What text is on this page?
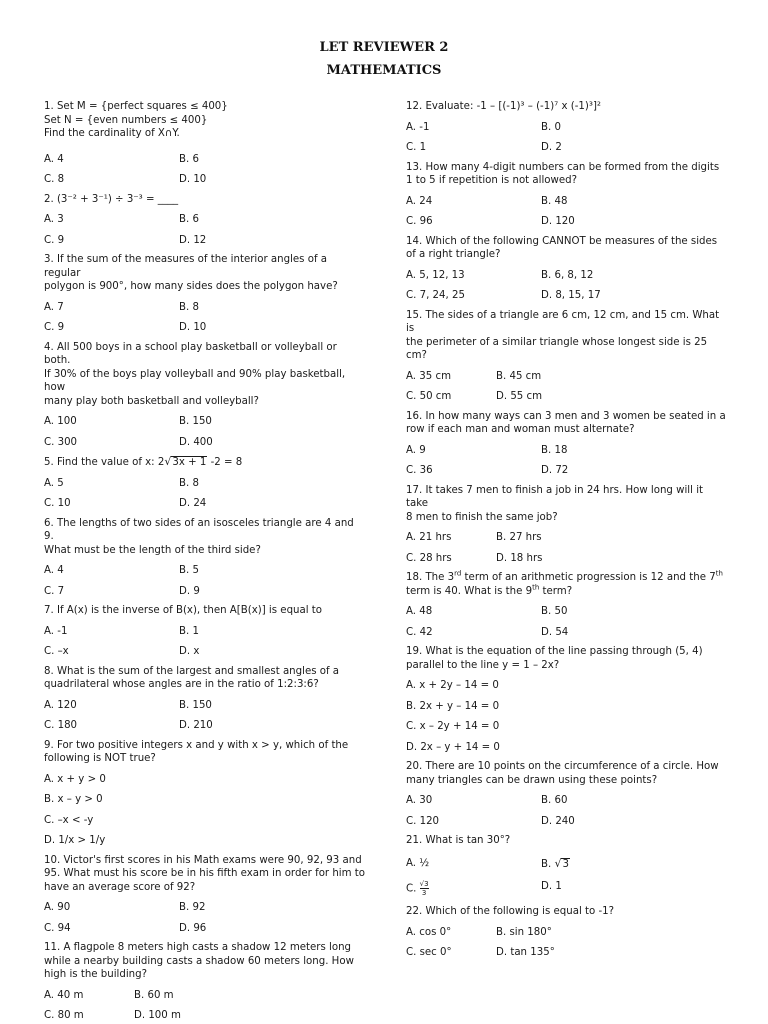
LET REVIEWER 2
MATHEMATICS

1. Set M = {perfect squares ≤ 400}
Set N = {even numbers ≤ 400}
Find the cardinality of X∩Y.

A. 4	B. 6
C. 8	D. 10

2. (3⁻² + 3⁻¹) ÷ 3⁻³ = ____

A. 3	B. 6
C. 9	D. 12

3. If the sum of the measures of the interior angles of a regular
polygon is 900°, how many sides does the polygon have?

A. 7	B. 8
C. 9	D. 10

4. All 500 boys in a school play basketball or volleyball or both.
If 30% of the boys play volleyball and 90% play basketball, how
many play both basketball and volleyball?

A. 100	B. 150
C. 300	D. 400

5. Find the value of x: 2√3x + 1 -2 = 8

A. 5	B. 8
C. 10	D. 24

6. The lengths of two sides of an isosceles triangle are 4 and 9.
What must be the length of the third side?

A. 4	B. 5
C. 7	D. 9

7. If A(x) is the inverse of B(x), then A[B(x)] is equal to

A. -1	B. 1
C. –x	D. x

8. What is the sum of the largest and smallest angles of a
quadrilateral whose angles are in the ratio of 1:2:3:6?

A. 120	B. 150
C. 180	D. 210

9. For two positive integers x and y with x > y, which of the
following is NOT true?

A. x + y > 0
B. x – y > 0
C. –x < -y
D. 1/x > 1/y

10. Victor's first scores in his Math exams were 90, 92, 93 and
95. What must his score be in his fifth exam in order for him to
have an average score of 92?

A. 90	B. 92
C. 94	D. 96

11. A flagpole 8 meters high casts a shadow 12 meters long
while a nearby building casts a shadow 60 meters long. How
high is the building?

A. 40 m	B. 60 m
C. 80 m	D. 100 m

12. Evaluate: -1 – [(-1)³ – (-1)⁷ x (-1)³]²

A. -1	B. 0
C. 1	D. 2

13. How many 4-digit numbers can be formed from the digits
1 to 5 if repetition is not allowed?

A. 24	B. 48
C. 96	D. 120

14. Which of the following CANNOT be measures of the sides
of a right triangle?

A. 5, 12, 13	B. 6, 8, 12
C. 7, 24, 25	D. 8, 15, 17

15. The sides of a triangle are 6 cm, 12 cm, and 15 cm. What is
the perimeter of a similar triangle whose longest side is 25
cm?

A. 35 cm	B. 45 cm
C. 50 cm	D. 55 cm

16. In how many ways can 3 men and 3 women be seated in a
row if each man and woman must alternate?

A. 9	B. 18
C. 36	D. 72

17. It takes 7 men to finish a job in 24 hrs. How long will it take
8 men to finish the same job?

A. 21 hrs	B. 27 hrs
C. 28 hrs	D. 18 hrs

18. The 3rd term of an arithmetic progression is 12 and the 7th
term is 40. What is the 9th term?

A. 48	B. 50
C. 42	D. 54

19. What is the equation of the line passing through (5, 4)
parallel to the line y = 1 – 2x?

A. x + 2y – 14 = 0
B. 2x + y – 14 = 0
C. x – 2y + 14 = 0
D. 2x – y + 14 = 0

20. There are 10 points on the circumference of a circle. How
many triangles can be drawn using these points?

A. 30	B. 60
C. 120	D. 240

21. What is tan 30°?

A. ½	B. √3
C. $\frac{√3}{3}$	D. 1

22. Which of the following is equal to -1?

A. cos 0°	B. sin 180°
C. sec 0°	D. tan 135°
